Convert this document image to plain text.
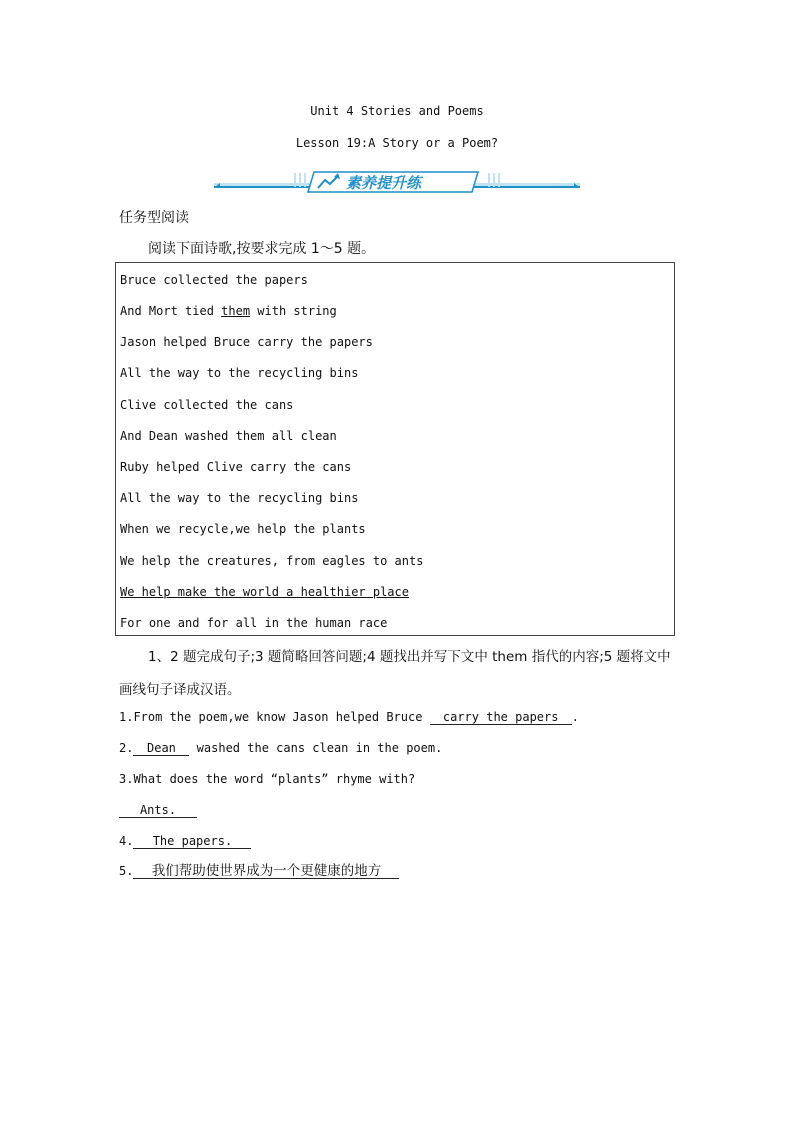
Unit 4 Stories and Poems
Lesson 19:A Story or a Poem?
素养提升练
任务型阅读
阅读下面诗歌,按要求完成 1～5 题。
Bruce collected the papers
And Mort tied them with string
Jason helped Bruce carry the papers
All the way to the recycling bins
Clive collected the cans
And Dean washed them all clean
Ruby helped Clive carry the cans
All the way to the recycling bins
When we recycle,we help the plants
We help the creatures, from eagles to ants
We help make the world a healthier place
For one and for all in the human race
1、2 题完成句子;3 题简略回答问题;4 题找出并写下文中 them 指代的内容;5 题将文中
画线句子译成汉语。
1.From the poem,we know Jason helped Bruce carry the papers .
2. Dean washed the cans clean in the poem.
3.What does the word “plants” rhyme with?
Ants.
4. The papers.
5. 我们帮助使世界成为一个更健康的地方
